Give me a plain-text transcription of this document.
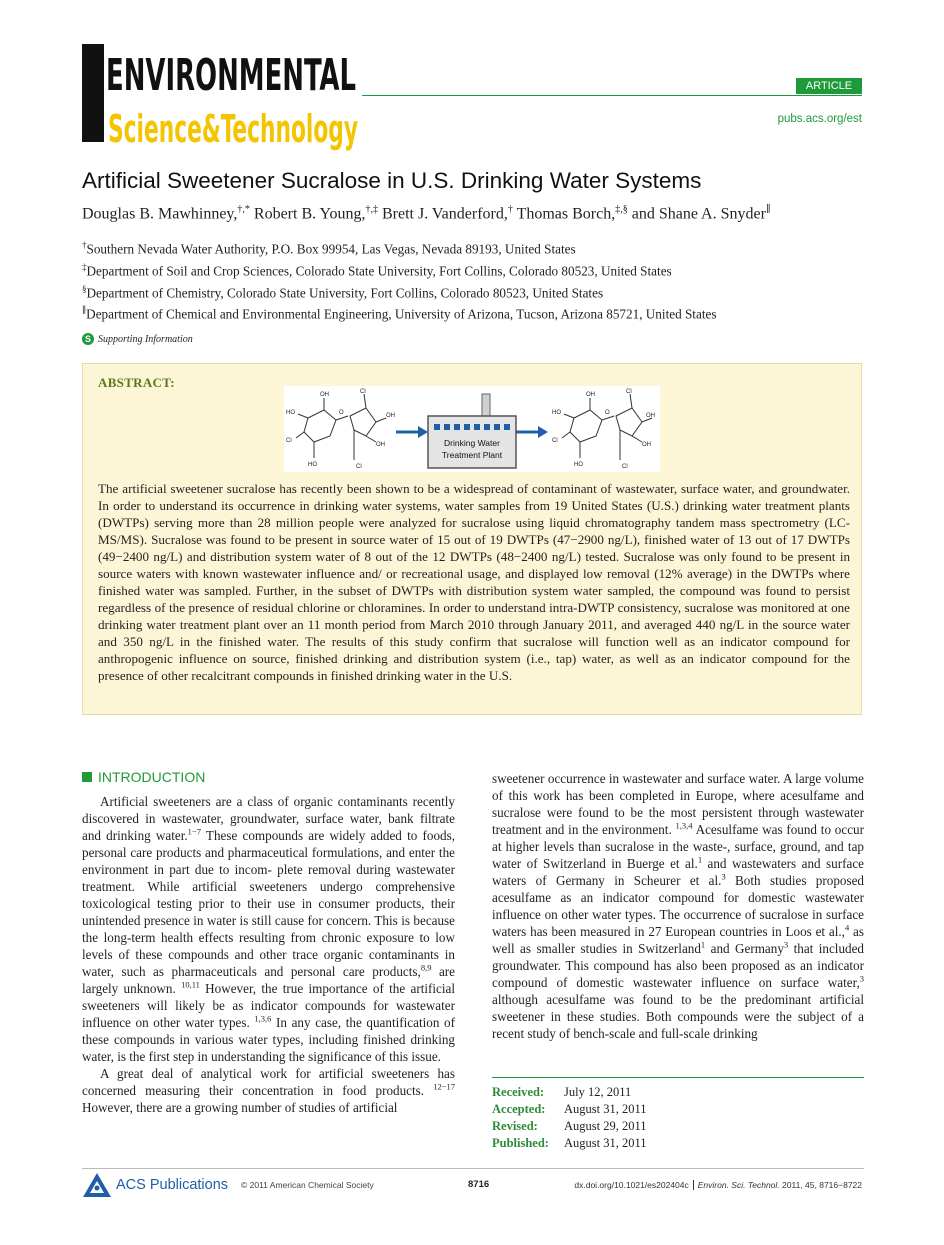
ENVIRONMENTAL
Science&Technology
ARTICLE
pubs.acs.org/est
Artificial Sweetener Sucralose in U.S. Drinking Water Systems
Douglas B. Mawhinney,†,* Robert B. Young,†,‡ Brett J. Vanderford,† Thomas Borch,‡,§ and Shane A. Snyder∥
†Southern Nevada Water Authority, P.O. Box 99954, Las Vegas, Nevada 89193, United States
‡Department of Soil and Crop Sciences, Colorado State University, Fort Collins, Colorado 80523, United States
§Department of Chemistry, Colorado State University, Fort Collins, Colorado 80523, United States
∥Department of Chemical and Environmental Engineering, University of Arizona, Tucson, Arizona 85721, United States
S Supporting Information
ABSTRACT:
HO
OH	Cl
OH
OH
Cl
HO	Cl
O
Drinking Water
Treatment Plant
HO
OH	Cl
OH
OH
Cl
HO	Cl
O
The artificial sweetener sucralose has recently been shown to be a widespread of contaminant of wastewater, surface water, and groundwater. In order to understand its occurrence in drinking water systems, water samples from 19 United States (U.S.) drinking water treatment plants (DWTPs) serving more than 28 million people were analyzed for sucralose using liquid chromatography tandem mass spectrometry (LC-MS/MS). Sucralose was found to be present in source water of 15 out of 19 DWTPs (47−2900 ng/L), finished water of 13 out of 17 DWTPs (49−2400 ng/L) and distribution system water of 8 out of the 12 DWTPs (48−2400 ng/L) tested. Sucralose was only found to be present in source waters with known wastewater influence and/ or recreational usage, and displayed low removal (12% average) in the DWTPs where finished water was sampled. Further, in the subset of DWTPs with distribution system water sampled, the compound was found to persist regardless of the presence of residual chlorine or chloramines. In order to understand intra-DWTP consistency, sucralose was monitored at one drinking water treatment plant over an 11 month period from March 2010 through January 2011, and averaged 440 ng/L in the source water and 350 ng/L in the finished water. The results of this study confirm that sucralose will function well as an indicator compound for anthropogenic influence on source, finished drinking and distribution system (i.e., tap) water, as well as an indicator compound for the presence of other recalcitrant compounds in finished drinking water in the U.S.
INTRODUCTION

Artificial sweeteners are a class of organic contaminants recently discovered in wastewater, groundwater, surface water, bank filtrate and drinking water.$^{1-7}$ These compounds are widely added to foods, personal care products and pharmaceutical formulations, and enter the environment in part due to incom- plete removal during wastewater treatment. While artificial sweeteners undergo comprehensive toxicological testing prior to their use in consumer products, their unintended presence in water is still cause for concern. This is because the long-term health effects resulting from chronic exposure to low levels of these compounds and other trace organic contaminants in water, such as pharmaceuticals and personal care products,$^{8,9}$ are largely unknown. $^{10,11}$ However, the true importance of the artificial sweeteners will likely be as indicator compounds for wastewater influence on other water types. $^{1,3,6}$ In any case, the quantification of these compounds in various water types, including finished drinking water, is the first step in understanding the significance of this issue.

A great deal of analytical work for artificial sweeteners has concerned measuring their concentration in food products. $^{12-17}$ However, there are a growing number of studies of artificial

sweetener occurrence in wastewater and surface water. A large volume of this work has been completed in Europe, where acesulfame and sucralose were found to be the most persistent through wastewater treatment and in the environment. $^{1,3,4}$ Acesulfame was found to occur at higher levels than sucralose in the waste-, surface, ground, and tap water of Switzerland in Buerge et al.$^1$ and wastewaters and surface waters of Germany in Scheurer et al.$^3$ Both studies proposed acesulfame as an indicator compound for domestic wastewater influence on other water types. The occurrence of sucralose in surface waters has been measured in 27 European countries in Loos et al.,$^4$ as well as smaller studies in Switzerland$^1$ and Germany$^3$ that included groundwater. This compound has also been proposed as an indicator compound of domestic wastewater influence on surface water,$^3$ although acesulfame was found to be the predominant artificial sweetener in these studies. Both compounds were the subject of a recent study of bench-scale and full-scale drinking

Received:	July 12, 2011
Accepted:	August 31, 2011
Revised:	August 29, 2011
Published:	August 31, 2011
ACS Publications © 2011 American Chemical Society	8716	dx.doi.org/10.1021/es202404c Environ. Sci. Technol. 2011, 45, 8716−8722
